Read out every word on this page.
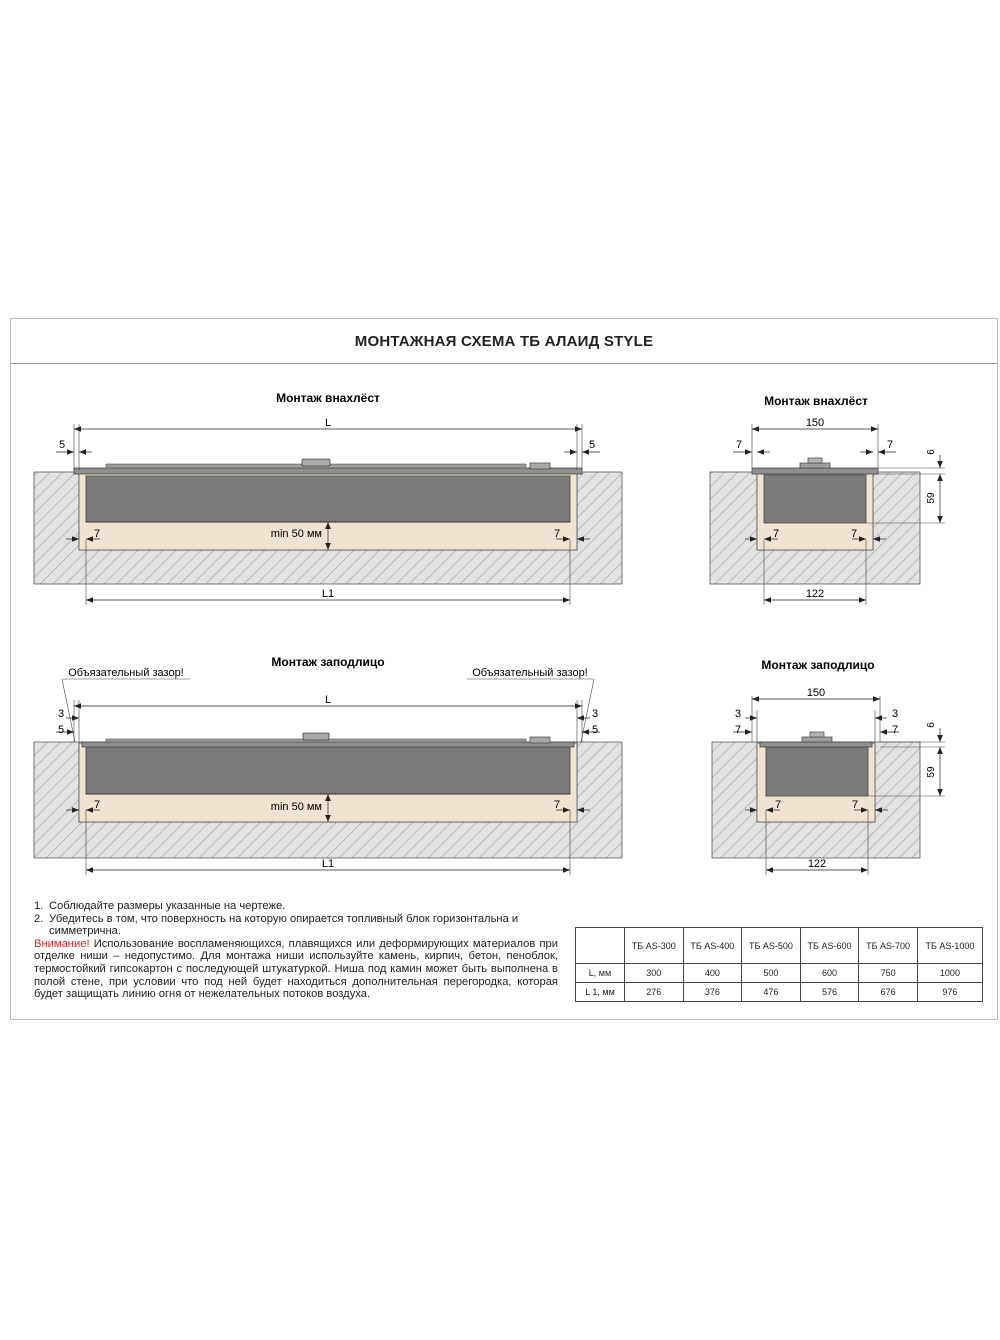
МОНТАЖНАЯ СХЕМА ТБ АЛАИД STYLE
Монтаж внахлёст
L
5	5
7	7
min 50 мм
L1
Монтаж внахлёст
150
7	7
6
59
7	7
122
Монтаж заподлицо
Объязательный зазор!	Объязательный зазор!
L
3	3
5	5
7	7
min 50 мм
L1
Монтаж заподлицо
150
3	3
7	7	6
59
7	7
122
1. Соблюдайте размеры указанные на чертеже.
2. Убедитесь в том, что поверхность на которую опирается топливный блок горизонтальна и симметрична.

Внимание! Использование воспламеняющихся, плавящихся или деформирующих материалов при отделке ниши – недопустимо. Для монтажа ниши используйте камень, кирпич, бетон, пеноблок, термостойкий гипсокартон с последующей штукатуркой. Ниша под камин может быть выполнена в полой стене, при условии что под ней будет находиться дополнительная перегородка, которая будет защищать линию огня от нежелательных потоков воздуха.

	ТБ AS-300	ТБ AS-400	ТБ AS-500	ТБ AS-600	ТБ AS-700	ТБ AS-1000
L, мм	300	400	500	600	750	1000
L 1, мм	276	376	476	576	676	976
